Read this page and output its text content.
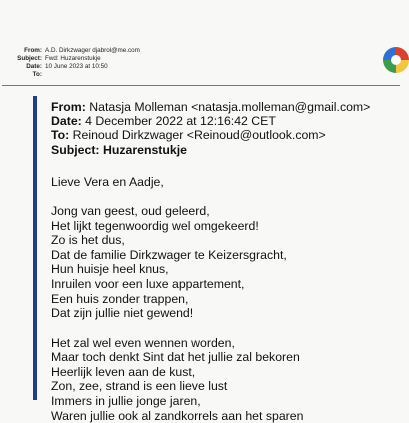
From: A.D. Dirkzwager djabrol@me.com
Subject: Fwd: Huzarenstukje
Date: 10 June 2023 at 10:50
To:
From: Natasja Molleman <natasja.molleman@gmail.com>
Date: 4 December 2022 at 12:16:42 CET
To: Reinoud Dirkzwager <Reinoud@outlook.com>
Subject: Huzarenstukje
Lieve Vera en Aadje,
Jong van geest, oud geleerd,
Het lijkt tegenwoordig wel omgekeerd!
Zo is het dus,
Dat de familie Dirkzwager te Keizersgracht,
Hun huisje heel knus,
Inruilen voor een luxe appartement,
Een huis zonder trappen,
Dat zijn jullie niet gewend!
Het zal wel even wennen worden,
Maar toch denkt Sint dat het jullie zal bekoren
Heerlijk leven aan de kust,
Zon, zee, strand is een lieve lust
Immers in jullie jonge jaren,
Waren jullie ook al zandkorrels aan het sparen
